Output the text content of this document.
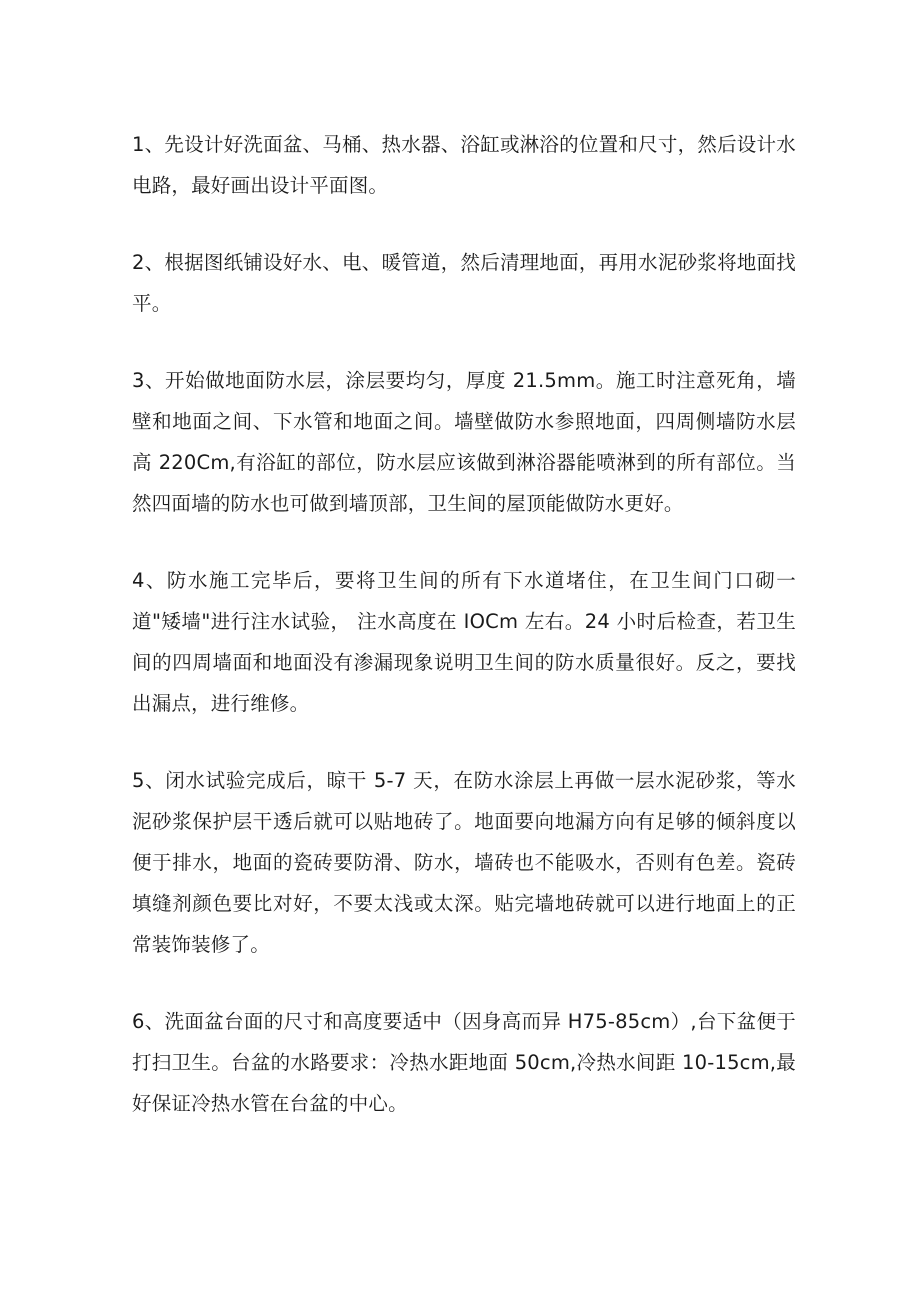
1、先设计好洗面盆、马桶、热水器、浴缸或淋浴的位置和尺寸，然后设计水电路，最好画出设计平面图。

2、根据图纸铺设好水、电、暖管道，然后清理地面，再用水泥砂浆将地面找平。

3、开始做地面防水层，涂层要均匀，厚度 21.5mm。施工时注意死角，墙壁和地面之间、下水管和地面之间。墙壁做防水参照地面，四周侧墙防水层高 220Cm,有浴缸的部位，防水层应该做到淋浴器能喷淋到的所有部位。当然四面墙的防水也可做到墙顶部，卫生间的屋顶能做防水更好。

4、防水施工完毕后，要将卫生间的所有下水道堵住，在卫生间门口砌一道"矮墙"进行注水试验， 注水高度在 IOCm 左右。24 小时后检查，若卫生间的四周墙面和地面没有渗漏现象说明卫生间的防水质量很好。反之，要找出漏点，进行维修。

5、闭水试验完成后，晾干 5-7 天，在防水涂层上再做一层水泥砂浆，等水泥砂浆保护层干透后就可以贴地砖了。地面要向地漏方向有足够的倾斜度以便于排水，地面的瓷砖要防滑、防水，墙砖也不能吸水，否则有色差。瓷砖填缝剂颜色要比对好，不要太浅或太深。贴完墙地砖就可以进行地面上的正常装饰装修了。

6、洗面盆台面的尺寸和高度要适中（因身高而异 H75-85cm）,台下盆便于打扫卫生。台盆的水路要求：冷热水距地面 50cm,冷热水间距 10-15cm,最好保证冷热水管在台盆的中心。
